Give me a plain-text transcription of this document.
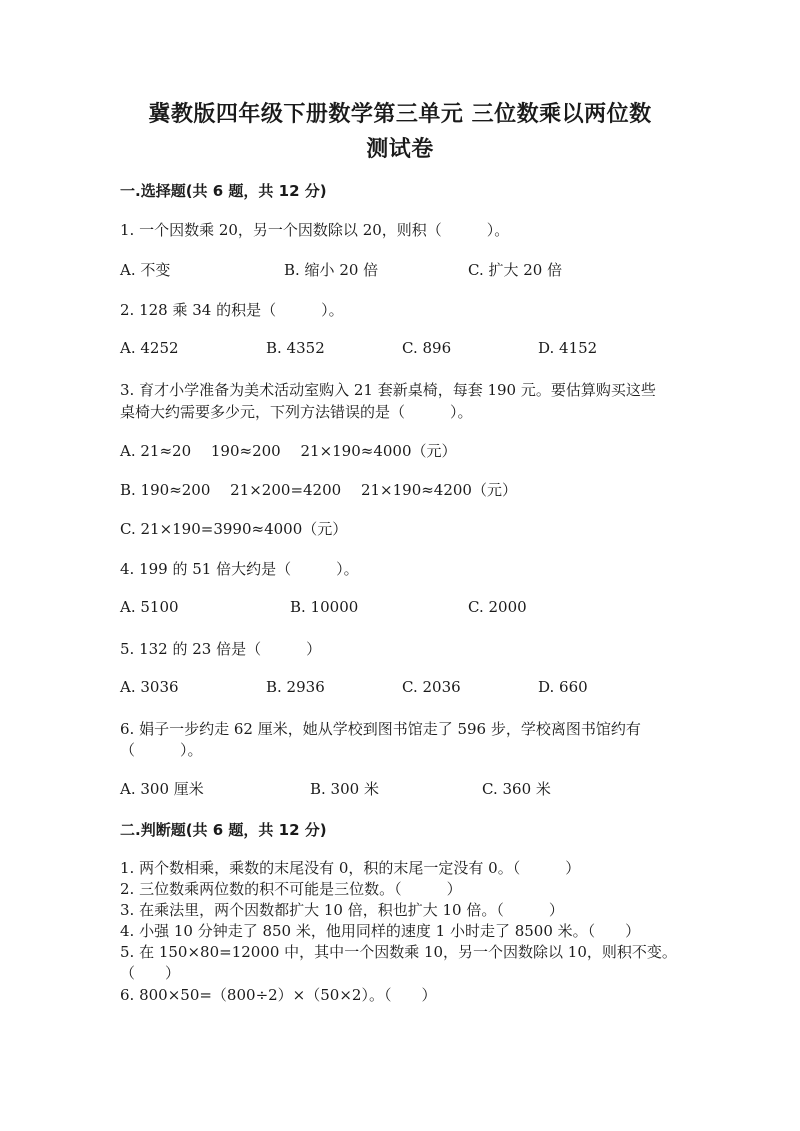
冀教版四年级下册数学第三单元 三位数乘以两位数
测试卷
一.选择题(共 6 题，共 12 分)
1. 一个因数乘 20，另一个因数除以 20，则积（　　　）。
A. 不变	B. 缩小 20 倍	C. 扩大 20 倍
2. 128 乘 34 的积是（　　　）。
A. 4252	B. 4352	C. 896	D. 4152
3. 育才小学准备为美术活动室购入 21 套新桌椅，每套 190 元。要估算购买这些
桌椅大约需要多少元，下列方法错误的是（　　　）。
A. 21≈20　 190≈200　 21×190≈4000（元）
B. 190≈200　 21×200=4200　 21×190≈4200（元）
C. 21×190=3990≈4000（元）
4. 199 的 51 倍大约是（　　　）。
A. 5100	B. 10000	C. 2000
5. 132 的 23 倍是（　　　）
A. 3036	B. 2936	C. 2036	D. 660
6. 娟子一步约走 62 厘米，她从学校到图书馆走了 596 步，学校离图书馆约有
（　　　）。
A. 300 厘米	B. 300 米	C. 360 米
二.判断题(共 6 题，共 12 分)
1. 两个数相乘，乘数的末尾没有 0，积的末尾一定没有 0。（　　　）
2. 三位数乘两位数的积不可能是三位数。（　　　）
3. 在乘法里，两个因数都扩大 10 倍，积也扩大 10 倍。（　　　）
4. 小强 10 分钟走了 850 米，他用同样的速度 1 小时走了 8500 米。（　　）
5. 在 150×80=12000 中，其中一个因数乘 10，另一个因数除以 10，则积不变。
（　　）
6. 800×50=（800÷2）×（50×2）。（　　）
